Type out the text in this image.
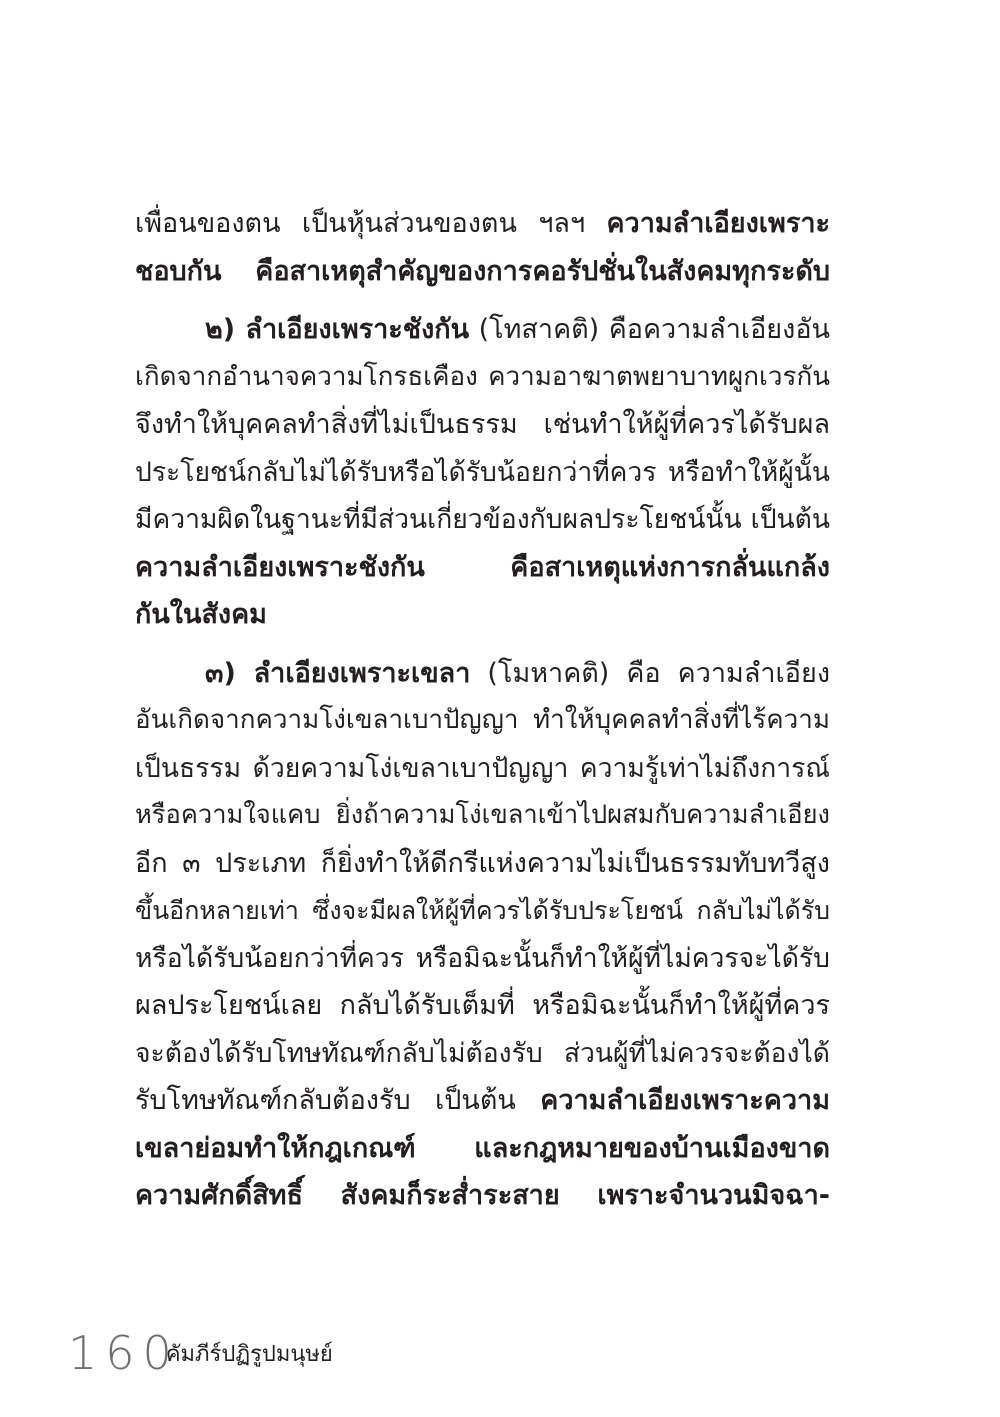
เพื่อนของตน เป็นหุ้นส่วนของตน ฯลฯ ความลำเอียงเพราะ
ชอบกัน คือสาเหตุสำคัญของการคอรัปชั่นในสังคมทุกระดับ
๒) ลำเอียงเพราะชังกัน (โทสาคติ) คือความลำเอียงอัน
เกิดจากอำนาจความโกรธเคือง ความอาฆาตพยาบาทผูกเวรกัน
จึงทำให้บุคคลทำสิ่งที่ไม่เป็นธรรม เช่นทำให้ผู้ที่ควรได้รับผล
ประโยชน์กลับไม่ได้รับหรือได้รับน้อยกว่าที่ควร หรือทำให้ผู้นั้น
มีความผิดในฐานะที่มีส่วนเกี่ยวข้องกับผลประโยชน์นั้น เป็นต้น
ความลำเอียงเพราะชังกัน คือสาเหตุแห่งการกลั่นแกล้ง
กันในสังคม
๓) ลำเอียงเพราะเขลา (โมหาคติ) คือ ความลำเอียง
อันเกิดจากความโง่เขลาเบาปัญญา ทำให้บุคคลทำสิ่งที่ไร้ความ
เป็นธรรม ด้วยความโง่เขลาเบาปัญญา ความรู้เท่าไม่ถึงการณ์
หรือความใจแคบ ยิ่งถ้าความโง่เขลาเข้าไปผสมกับความลำเอียง
อีก ๓ ประเภท ก็ยิ่งทำให้ดีกรีแห่งความไม่เป็นธรรมทับทวีสูง
ขึ้นอีกหลายเท่า ซึ่งจะมีผลให้ผู้ที่ควรได้รับประโยชน์ กลับไม่ได้รับ
หรือได้รับน้อยกว่าที่ควร หรือมิฉะนั้นก็ทำให้ผู้ที่ไม่ควรจะได้รับ
ผลประโยชน์เลย กลับได้รับเต็มที่ หรือมิฉะนั้นก็ทำให้ผู้ที่ควร
จะต้องได้รับโทษทัณฑ์กลับไม่ต้องรับ ส่วนผู้ที่ไม่ควรจะต้องได้
รับโทษทัณฑ์กลับต้องรับ เป็นต้น ความลำเอียงเพราะความ
เขลาย่อมทำให้กฎเกณฑ์ และกฎหมายของบ้านเมืองขาด
ความศักดิ์สิทธิ์ สังคมก็ระส่ำระสาย เพราะจำนวนมิจฉา-
160
คัมภีร์ปฏิรูปมนุษย์
